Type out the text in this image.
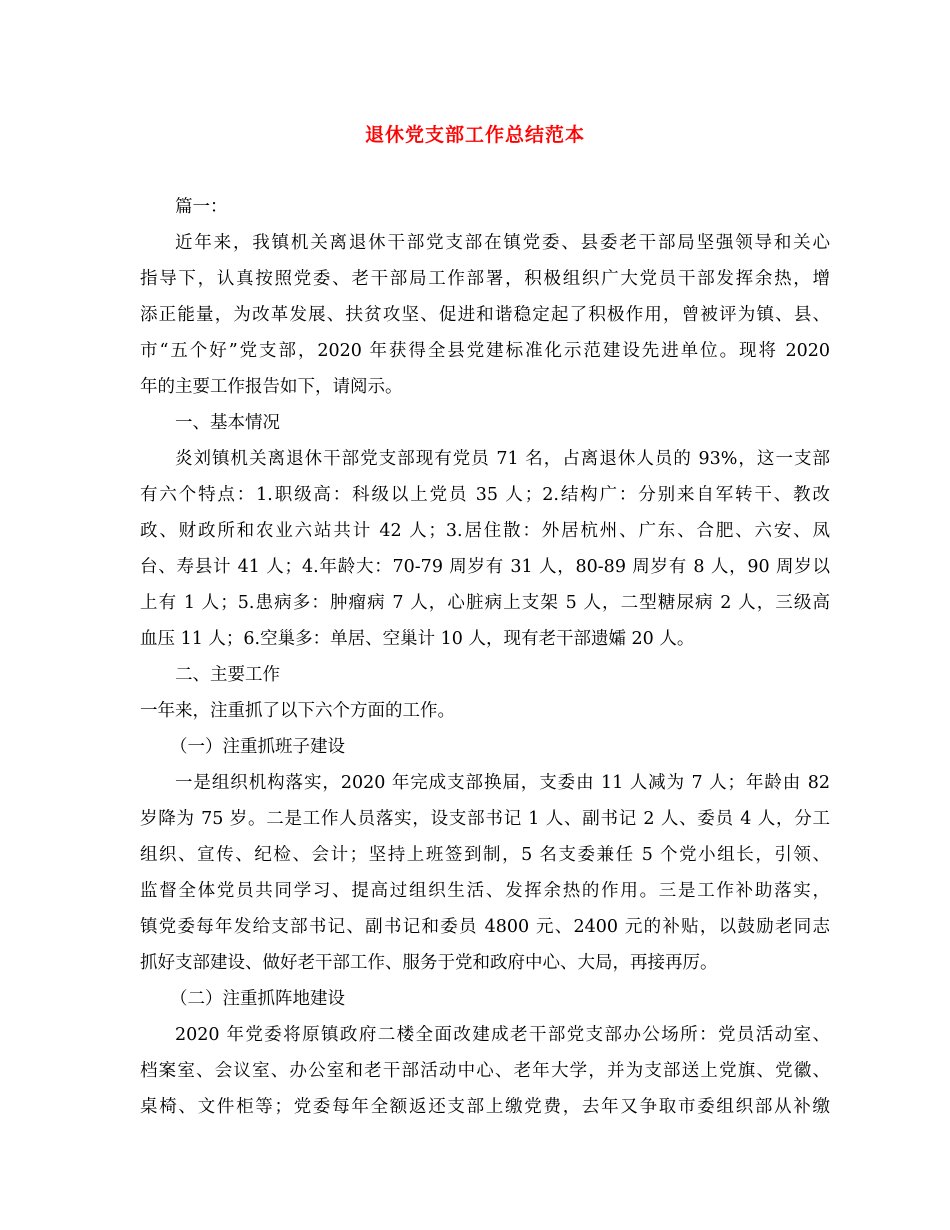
退休党支部工作总结范本
篇一：
近年来，我镇机关离退休干部党支部在镇党委、县委老干部局坚强领导和关心
指导下，认真按照党委、老干部局工作部署，积极组织广大党员干部发挥余热，增
添正能量，为改革发展、扶贫攻坚、促进和谐稳定起了积极作用，曾被评为镇、县、
市“五个好”党支部，2020 年获得全县党建标准化示范建设先进单位。现将 2020
年的主要工作报告如下，请阅示。
一、基本情况
炎刘镇机关离退休干部党支部现有党员 71 名，占离退休人员的 93%，这一支部
有六个特点：1.职级高：科级以上党员 35 人；2.结构广：分别来自军转干、教改
政、财政所和农业六站共计 42 人；3.居住散：外居杭州、广东、合肥、六安、凤
台、寿县计 41 人；4.年龄大：70-79 周岁有 31 人，80-89 周岁有 8 人，90 周岁以
上有 1 人；5.患病多：肿瘤病 7 人，心脏病上支架 5 人，二型糖尿病 2 人，三级高
血压 11 人；6.空巢多：单居、空巢计 10 人，现有老干部遗孀 20 人。
二、主要工作
一年来，注重抓了以下六个方面的工作。
（一）注重抓班子建设
一是组织机构落实，2020 年完成支部换届，支委由 11 人减为 7 人；年龄由 82
岁降为 75 岁。二是工作人员落实，设支部书记 1 人、副书记 2 人、委员 4 人，分工
组织、宣传、纪检、会计；坚持上班签到制，5 名支委兼任 5 个党小组长，引领、
监督全体党员共同学习、提高过组织生活、发挥余热的作用。三是工作补助落实，
镇党委每年发给支部书记、副书记和委员 4800 元、2400 元的补贴，以鼓励老同志
抓好支部建设、做好老干部工作、服务于党和政府中心、大局，再接再厉。
（二）注重抓阵地建设
2020 年党委将原镇政府二楼全面改建成老干部党支部办公场所：党员活动室、
档案室、会议室、办公室和老干部活动中心、老年大学，并为支部送上党旗、党徽、
桌椅、文件柜等；党委每年全额返还支部上缴党费，去年又争取市委组织部从补缴
